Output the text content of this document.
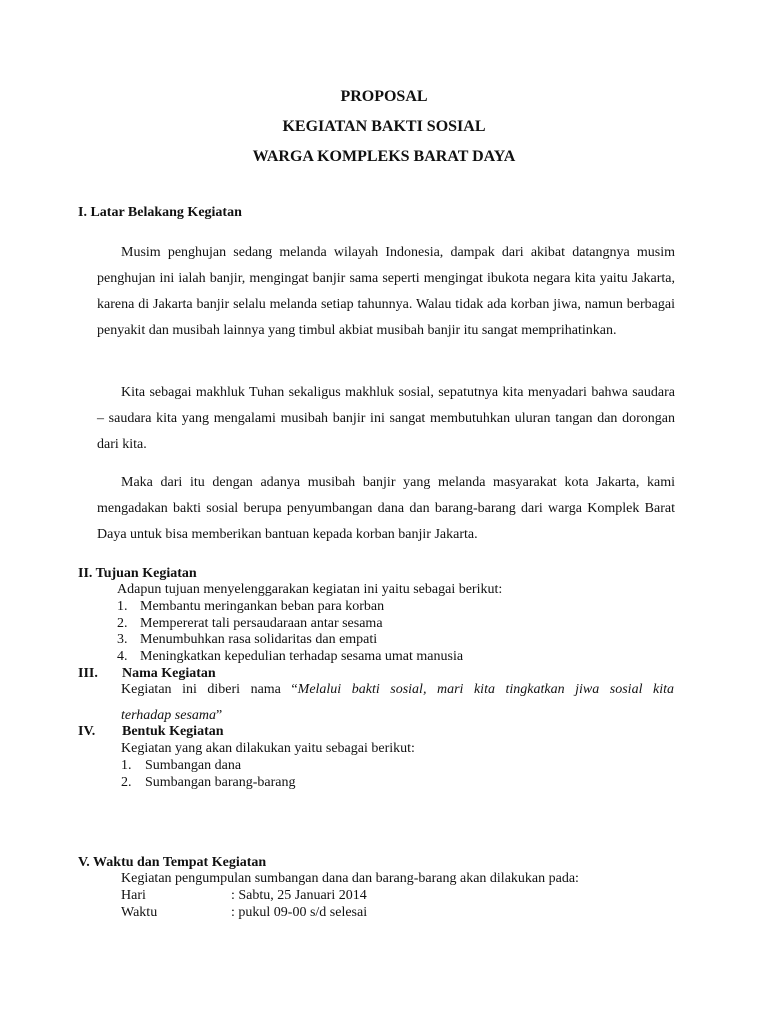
PROPOSAL
KEGIATAN BAKTI SOSIAL
WARGA KOMPLEKS BARAT DAYA
I. Latar Belakang Kegiatan
Musim penghujan sedang melanda wilayah Indonesia, dampak dari akibat datangnya musim penghujan ini ialah banjir, mengingat banjir sama seperti mengingat ibukota negara kita yaitu Jakarta, karena di Jakarta banjir selalu melanda setiap tahunnya. Walau tidak ada korban jiwa, namun berbagai penyakit dan musibah lainnya yang timbul akbiat musibah banjir itu sangat memprihatinkan.
Kita sebagai makhluk Tuhan sekaligus makhluk sosial, sepatutnya kita menyadari bahwa saudara – saudara kita yang mengalami musibah banjir ini sangat membutuhkan uluran tangan dan dorongan dari kita.
Maka dari itu dengan adanya musibah banjir yang melanda masyarakat kota Jakarta, kami mengadakan bakti sosial berupa penyumbangan dana dan barang-barang dari warga Komplek Barat Daya untuk bisa memberikan bantuan kepada korban banjir Jakarta.
II. Tujuan Kegiatan
Adapun tujuan menyelenggarakan kegiatan ini yaitu sebagai berikut:
1. Membantu meringankan beban para korban
2. Mempererat tali persaudaraan antar sesama
3. Menumbuhkan rasa solidaritas dan empati
4. Meningkatkan kepedulian terhadap sesama umat manusia
III. Nama Kegiatan
Kegiatan ini diberi nama “Melalui bakti sosial, mari kita tingkatkan jiwa sosial kita
terhadap sesama”
IV. Bentuk Kegiatan
Kegiatan yang akan dilakukan yaitu sebagai berikut:
1. Sumbangan dana
2. Sumbangan barang-barang
V. Waktu dan Tempat Kegiatan
Kegiatan pengumpulan sumbangan dana dan barang-barang akan dilakukan pada:
Hari	: Sabtu, 25 Januari 2014
Waktu	: pukul 09-00 s/d selesai
